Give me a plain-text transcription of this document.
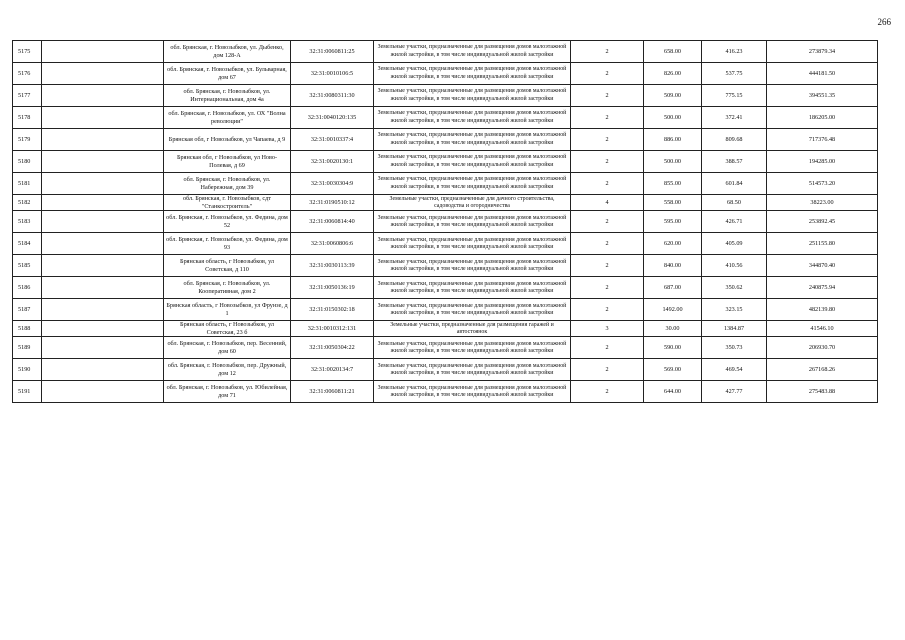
266
5175		обл. Брянская, г. Новозыбков, ул. Дыбенко, дом 128-А	32:31:0060811:25	Земельные участки, предназначенные для размещения домов малоэтажной жилой застройки, в том числе индивидуальной жилой застройки	2	658.00	416.23	273879.34
5176		обл. Брянская, г. Новозыбков, ул. Бульварная, дом 67	32:31:0010106:5	Земельные участки, предназначенные для размещения домов малоэтажной жилой застройки, в том числе индивидуальной жилой застройки	2	826.00	537.75	444181.50
5177		обл. Брянская, г. Новозыбков, ул. Интернациональная, дом 4а	32:31:0080311:30	Земельные участки, предназначенные для размещения домов малоэтажной жилой застройки, в том числе индивидуальной жилой застройки	2	509.00	775.15	394551.35
5178		обл. Брянская, г. Новозыбков, ул. ОХ "Волна революции"	32:31:0040120:135	Земельные участки, предназначенные для размещения домов малоэтажной жилой застройки, в том числе индивидуальной жилой застройки	2	500.00	372.41	186205.00
5179		Брянская обл, г Новозыбков, ул Чапаева, д 9	32:31:0010337:4	Земельные участки, предназначенные для размещения домов малоэтажной жилой застройки, в том числе индивидуальной жилой застройки	2	886.00	809.68	717376.48
5180		Брянская обл, г Новозыбков, ул Ново-Полевая, д 69	32:31:0020130:1	Земельные участки, предназначенные для размещения домов малоэтажной жилой застройки, в том числе индивидуальной жилой застройки	2	500.00	388.57	194285.00
5181		обл. Брянская, г. Новозыбков, ул. Набережная, дом 39	32:31:0030304:9	Земельные участки, предназначенные для размещения домов малоэтажной жилой застройки, в том числе индивидуальной жилой застройки	2	855.00	601.84	514573.20
5182		обл. Брянская, г. Новозыбков, сдт "Станкостроитель"	32:31:0190510:12	Земельные участки, предназначенные для дачного строительства, садоводства и огородничества	4	558.00	68.50	38223.00
5183		обл. Брянская, г. Новозыбков, ул. Федина, дом 52	32:31:0060814:40	Земельные участки, предназначенные для размещения домов малоэтажной жилой застройки, в том числе индивидуальной жилой застройки	2	595.00	426.71	253892.45
5184		обл. Брянская, г. Новозыбков, ул. Федина, дом 93	32:31:0060806:6	Земельные участки, предназначенные для размещения домов малоэтажной жилой застройки, в том числе индивидуальной жилой застройки	2	620.00	405.09	251155.80
5185		Брянская область, г Новозыбков, ул Советская, д 110	32:31:0030113:39	Земельные участки, предназначенные для размещения домов малоэтажной жилой застройки, в том числе индивидуальной жилой застройки	2	840.00	410.56	344870.40
5186		обл. Брянская, г. Новозыбков, ул. Кооперативная, дом 2	32:31:0050136:19	Земельные участки, предназначенные для размещения домов малоэтажной жилой застройки, в том числе индивидуальной жилой застройки	2	687.00	350.62	240875.94
5187		Брянская область, г Новозыбков, ул Фрунзе, д 1	32:31:0150302:18	Земельные участки, предназначенные для размещения домов малоэтажной жилой застройки, в том числе индивидуальной жилой застройки	2	1492.00	323.15	482139.80
5188		Брянская область, г Новозыбков, ул Советская, 23 б	32:31:0010312:131	Земельные участки, предназначенные для размещения гаражей и автостоянок	3	30.00	1384.87	41546.10
5189		обл. Брянская, г. Новозыбков, пер. Весенний, дом 60	32:31:0050304:22	Земельные участки, предназначенные для размещения домов малоэтажной жилой застройки, в том числе индивидуальной жилой застройки	2	590.00	350.73	206930.70
5190		обл. Брянская, г. Новозыбков, пер. Дружный, дом 12	32:31:0020134:7	Земельные участки, предназначенные для размещения домов малоэтажной жилой застройки, в том числе индивидуальной жилой застройки	2	569.00	469.54	267168.26
5191		обл. Брянская, г. Новозыбков, ул. Юбилейная, дом 71	32:31:0060811:21	Земельные участки, предназначенные для размещения домов малоэтажной жилой застройки, в том числе индивидуальной жилой застройки	2	644.00	427.77	275483.88
